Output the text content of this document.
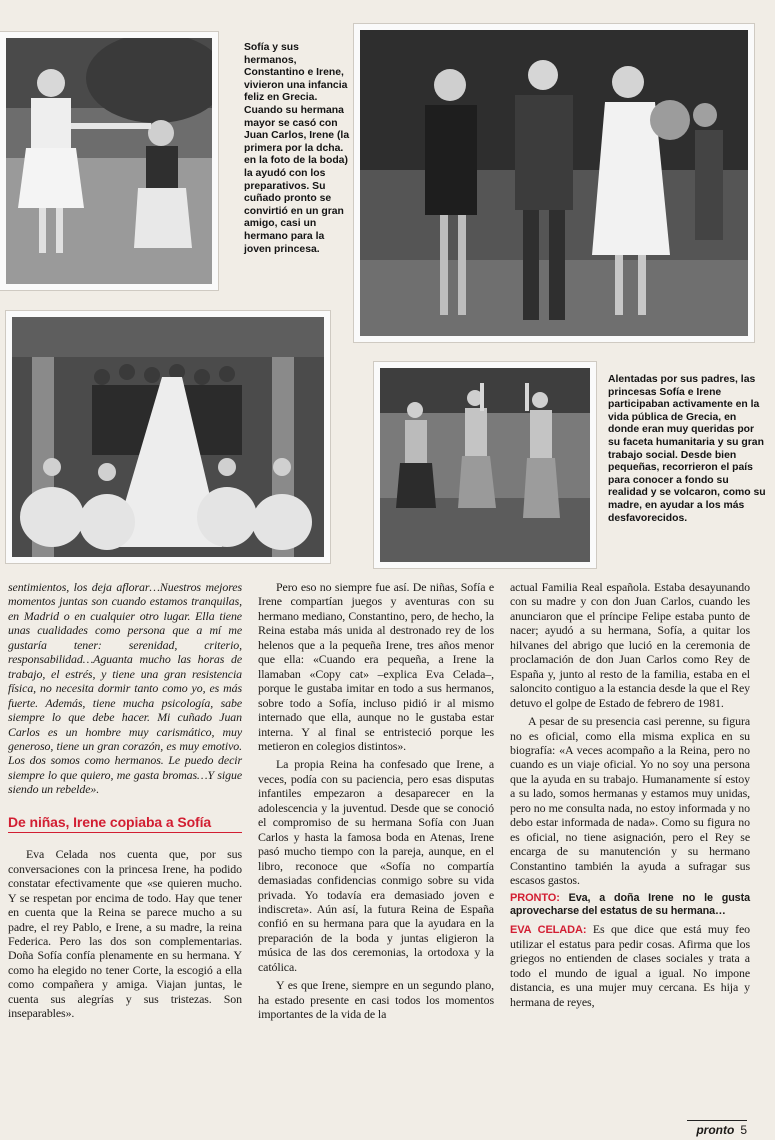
Sofía y sus hermanos, Constantino e Irene, vivieron una infancia feliz en Grecia. Cuando su hermana mayor se casó con Juan Carlos, Irene (la primera por la dcha. en la foto de la boda) la ayudó con los preparativos. Su cuñado pronto se convirtió en un gran amigo, casi un hermano para la joven princesa.

Alentadas por sus padres, las princesas Sofía e Irene participaban activamente en la vida pública de Grecia, en donde eran muy queridas por su faceta humanitaria y su gran trabajo social. Desde bien pequeñas, recorrieron el país para conocer a fondo su realidad y se volcaron, como su madre, en ayudar a los más desfavorecidos.

sentimientos, los deja aflorar…Nuestros mejores momentos juntas son cuando estamos tranquilas, en Madrid o en cualquier otro lugar. Ella tiene unas cualidades como persona que a mí me gustaría tener: serenidad, criterio, responsabilidad…Aguanta mucho las horas de trabajo, el estrés, y tiene una gran resistencia física, no necesita dormir tanto como yo, es más fuerte. Además, tiene mucha psicología, sabe siempre lo que debe hacer. Mi cuñado Juan Carlos es un hombre muy carismático, muy generoso, tiene un gran corazón, es muy emotivo. Los dos somos como hermanos. Le puedo decir siempre lo que quiero, me gasta bromas…Y sigue siendo un rebelde».

De niñas, Irene copiaba a Sofía

Eva Celada nos cuenta que, por sus conversaciones con la princesa Irene, ha podido constatar efectivamente que «se quieren mucho. Y se respetan por encima de todo. Hay que tener en cuenta que la Reina se parece mucho a su padre, el rey Pablo, e Irene, a su madre, la reina Federica. Pero las dos son complementarias. Doña Sofía confía plenamente en su hermana. Y como ha elegido no tener Corte, la escogió a ella como compañera y amiga. Viajan juntas, le cuenta sus alegrías y sus tristezas. Son inseparables».

Pero eso no siempre fue así. De niñas, Sofía e Irene compartían juegos y aventuras con su hermano mediano, Constantino, pero, de hecho, la Reina estaba más unida al destronado rey de los helenos que a la pequeña Irene, tres años menor que ella: «Cuando era pequeña, a Irene la llamaban «Copy cat» –explica Eva Celada–, porque le gustaba imitar en todo a sus hermanos, sobre todo a Sofía, incluso pidió ir al mismo internado que ella, aunque no le gustaba estar interna. Y al final se entristeció porque les metieron en colegios distintos».

La propia Reina ha confesado que Irene, a veces, podía con su paciencia, pero esas disputas infantiles empezaron a desaparecer en la adolescencia y la juventud. Desde que se conoció el compromiso de su hermana Sofía con Juan Carlos y hasta la famosa boda en Atenas, Irene pasó mucho tiempo con la pareja, aunque, en el libro, reconoce que «Sofía no compartía demasiadas confidencias conmigo sobre su vida privada. Yo todavía era demasiado joven e indiscreta». Aún así, la futura Reina de España confió en su hermana para que la ayudara en la preparación de la boda y juntas eligieron la música de las dos ceremonias, la ortodoxa y la católica.

Y es que Irene, siempre en un segundo plano, ha estado presente en casi todos los momentos importantes de la vida de la

actual Familia Real española. Estaba desayunando con su madre y con don Juan Carlos, cuando les anunciaron que el príncipe Felipe estaba punto de nacer; ayudó a su hermana, Sofía, a quitar los hilvanes del abrigo que lució en la ceremonia de proclamación de don Juan Carlos como Rey de España y, junto al resto de la familia, estaba en el saloncito contiguo a la estancia desde la que el Rey detuvo el golpe de Estado de febrero de 1981.

A pesar de su presencia casi perenne, su figura no es oficial, como ella misma explica en su biografía: «A veces acompaño a la Reina, pero no cuando es un viaje oficial. Yo no soy una persona que la ayuda en su trabajo. Humanamente sí estoy a su lado, somos hermanas y estamos muy unidas, pero no me consulta nada, no estoy informada y no debo estar informada de nada». Como su figura no es oficial, no tiene asignación, pero el Rey se encarga de su manutención y su hermano Constantino también la ayuda a sufragar sus escasos gastos.

PRONTO: Eva, a doña Irene no le gusta aprovecharse del estatus de su hermana…

EVA CELADA: Es que dice que está muy feo utilizar el estatus para pedir cosas. Afirma que los griegos no entienden de clases sociales y trata a todo el mundo de igual a igual. No impone distancia, es una mujer muy cercana. Es hija y hermana de reyes,

pronto 5
